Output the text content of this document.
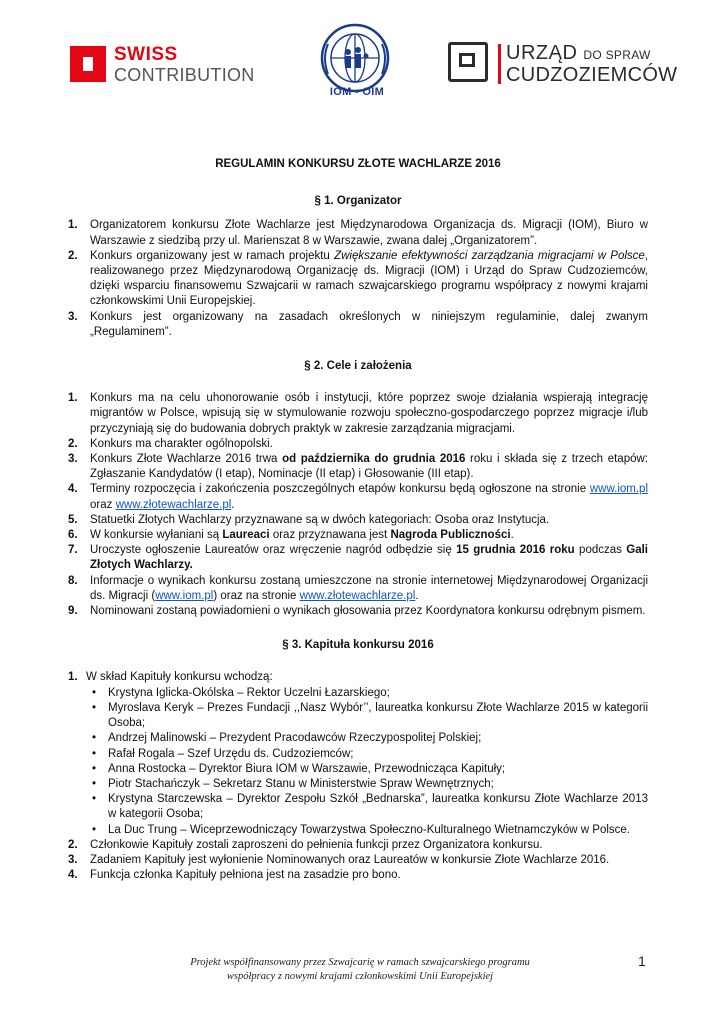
SWISS
CONTRIBUTION
IOM • OIM
URZĄD DO SPRAW
CUDZOZIEMCÓW
REGULAMIN KONKURSU ZŁOTE WACHLARZE 2016
§ 1. Organizator
1. Organizatorem konkursu Złote Wachlarze jest Międzynarodowa Organizacja ds. Migracji (IOM), Biuro w Warszawie z siedzibą przy ul. Marienszat 8 w Warszawie, zwana dalej „Organizatorem”.
2. Konkurs organizowany jest w ramach projektu Zwiększanie efektywności zarządzania migracjami w Polsce, realizowanego przez Międzynarodową Organizację ds. Migracji (IOM) i Urząd do Spraw Cudzoziemców, dzięki wsparciu finansowemu Szwajcarii w ramach szwajcarskiego programu współpracy z nowymi krajami członkowskimi Unii Europejskiej.
3. Konkurs jest organizowany na zasadach określonych w niniejszym regulaminie, dalej zwanym „Regulaminem”.
§ 2. Cele i założenia
1. Konkurs ma na celu uhonorowanie osób i instytucji, które poprzez swoje działania wspierają integrację migrantów w Polsce, wpisują się w stymulowanie rozwoju społeczno-gospodarczego poprzez migracje i/lub przyczyniają się do budowania dobrych praktyk w zakresie zarządzania migracjami.
2. Konkurs ma charakter ogólnopolski.
3. Konkurs Złote Wachlarze 2016 trwa od października do grudnia 2016 roku i składa się z trzech etapów: Zgłaszanie Kandydatów (I etap), Nominacje (II etap) i Głosowanie (III etap).
4. Terminy rozpoczęcia i zakończenia poszczególnych etapów konkursu będą ogłoszone na stronie www.iom.pl oraz www.złotewachlarze.pl.
5. Statuetki Złotych Wachlarzy przyznawane są w dwóch kategoriach: Osoba oraz Instytucja.
6. W konkursie wyłaniani są Laureaci oraz przyznawana jest Nagroda Publiczności.
7. Uroczyste ogłoszenie Laureatów oraz wręczenie nagród odbędzie się 15 grudnia 2016 roku podczas Gali Złotych Wachlarzy.
8. Informacje o wynikach konkursu zostaną umieszczone na stronie internetowej Międzynarodowej Organizacji ds. Migracji (www.iom.pl) oraz na stronie www.złotewachlarze.pl.
9. Nominowani zostaną powiadomieni o wynikach głosowania przez Koordynatora konkursu odrębnym pismem.
§ 3. Kapituła konkursu 2016
1. W skład Kapituły konkursu wchodzą:
• Krystyna Iglicka-Okólska – Rektor Uczelni Łazarskiego;
• Myroslava Keryk – Prezes Fundacji ,,Nasz Wybór’’, laureatka konkursu Złote Wachlarze 2015 w kategorii Osoba;
• Andrzej Malinowski – Prezydent Pracodawców Rzeczypospolitej Polskiej;
• Rafał Rogala – Szef Urzędu ds. Cudzoziemców;
• Anna Rostocka – Dyrektor Biura IOM w Warszawie, Przewodnicząca Kapituły;
• Piotr Stachańczyk – Sekretarz Stanu w Ministerstwie Spraw Wewnętrznych;
• Krystyna Starczewska – Dyrektor Zespołu Szkół „Bednarska”, laureatka konkursu Złote Wachlarze 2013 w kategorii Osoba;
• La Duc Trung – Wiceprzewodniczący Towarzystwa Społeczno-Kulturalnego Wietnamczyków w Polsce.
2. Członkowie Kapituły zostali zaproszeni do pełnienia funkcji przez Organizatora konkursu.
3. Zadaniem Kapituły jest wyłonienie Nominowanych oraz Laureatów w konkursie Złote Wachlarze 2016.
4. Funkcja członka Kapituły pełniona jest na zasadzie pro bono.
Projekt współfinansowany przez Szwajcarię w ramach szwajcarskiego programu
współpracy z nowymi krajami członkowskimi Unii Europejskiej
1
